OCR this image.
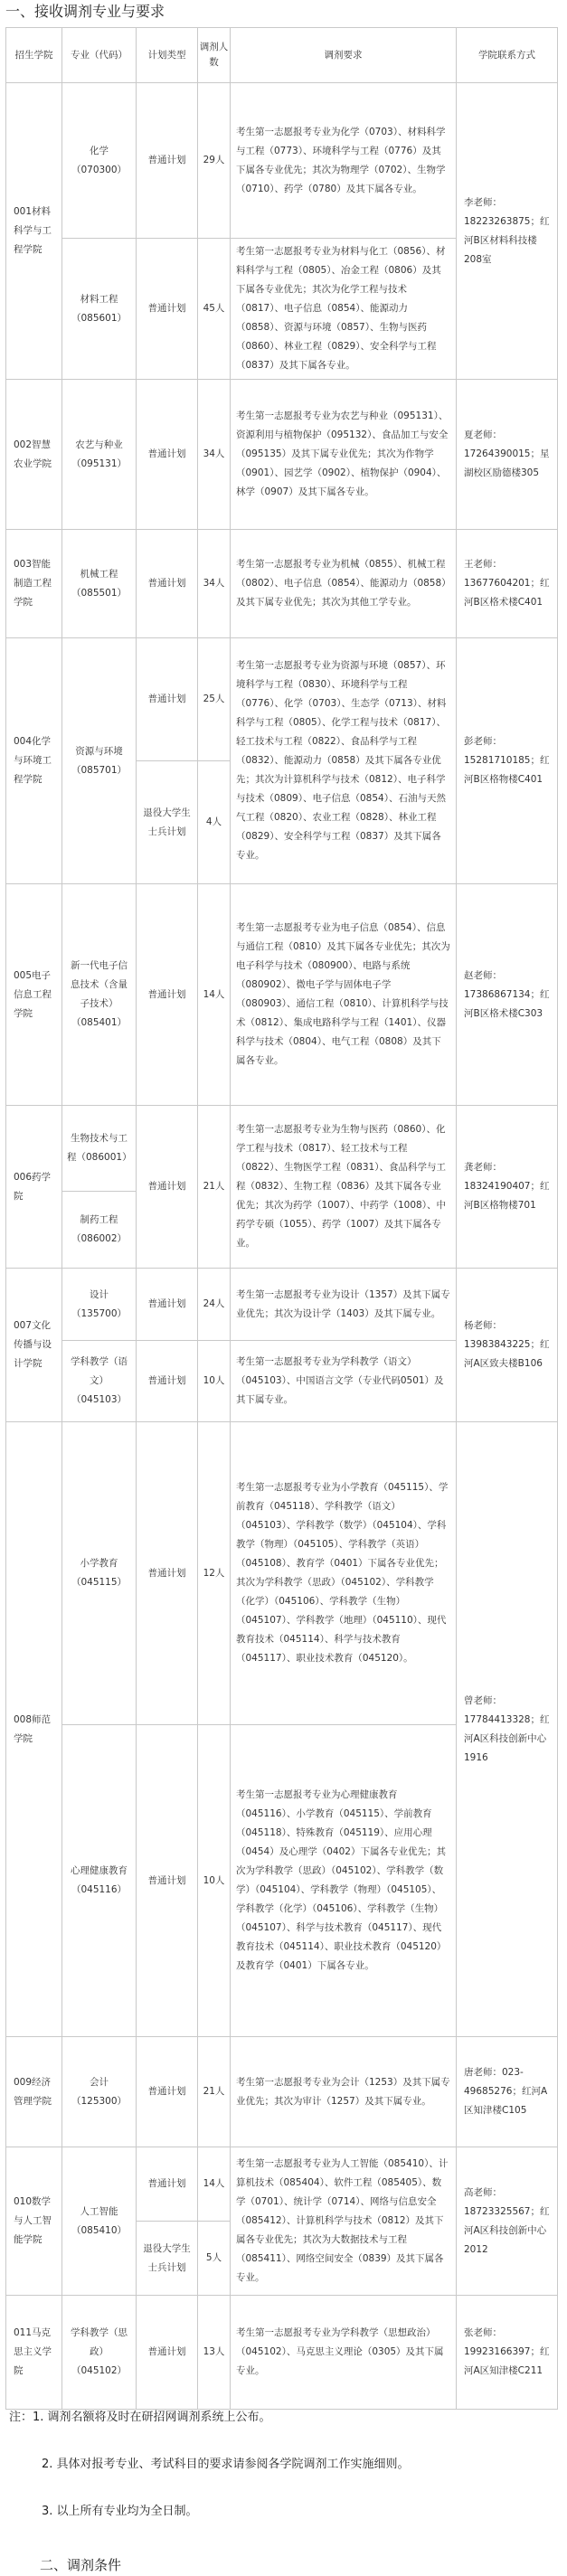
一、接收调剂专业与要求
招生学院	专业（代码）	计划类型	调剂人数	调剂要求	学院联系方式
001材料科学与工程学院	化学（070300）	普通计划	29人	考生第一志愿报考专业为化学（0703）、材料科学与工程（0773）、环境科学与工程（0776）及其下属各专业优先；其次为物理学（0702）、生物学（0710）、药学（0780）及其下属各专业。	李老师：18223263875；红河B区材料科技楼208室
	材料工程（085601）	普通计划	45人	考生第一志愿报考专业为材料与化工（0856）、材料科学与工程（0805）、冶金工程（0806）及其下属各专业优先；其次为化学工程与技术（0817）、电子信息（0854）、能源动力（0858）、资源与环境（0857）、生物与医药（0860）、林业工程（0829）、安全科学与工程（0837）及其下属各专业。	
002智慧农业学院	农艺与种业（095131）	普通计划	34人	考生第一志愿报考专业为农艺与种业（095131）、资源利用与植物保护（095132）、食品加工与安全（095135）及其下属专业优先；其次为作物学（0901）、园艺学（0902）、植物保护（0904）、林学（0907）及其下属各专业。	夏老师：17264390015；星湖校区励德楼305
003智能制造工程学院	机械工程（085501）	普通计划	34人	考生第一志愿报考专业为机械（0855）、机械工程（0802）、电子信息（0854）、能源动力（0858）及其下属专业优先；其次为其他工学专业。	王老师：13677604201；红河B区格术楼C401
004化学与环境工程学院	资源与环境（085701）	普通计划	25人	考生第一志愿报考专业为资源与环境（0857）、环境科学与工程（0830）、环境科学与工程（0776）、化学（0703）、生态学（0713）、材料科学与工程（0805）、化学工程与技术（0817）、轻工技术与工程（0822）、食品科学与工程（0832）、能源动力（0858）及其下属各专业优先；其次为计算机科学与技术（0812）、电子科学与技术（0809）、电子信息（0854）、石油与天然气工程（0820）、农业工程（0828）、林业工程（0829）、安全科学与工程（0837）及其下属各专业。	彭老师：15281710185；红河B区格物楼C401
		退役大学生士兵计划	4人		
005电子信息工程学院	新一代电子信息技术（含量子技术）（085401）	普通计划	14人	考生第一志愿报考专业为电子信息（0854）、信息与通信工程（0810）及其下属各专业优先；其次为电子科学与技术（080900）、电路与系统（080902）、微电子学与固体电子学（080903）、通信工程（0810）、计算机科学与技术（0812）、集成电路科学与工程（1401）、仪器科学与技术（0804）、电气工程（0808）及其下属各专业。	赵老师：17386867134；红河B区格术楼C303
006药学院	生物技术与工程（086001）	普通计划	21人	考生第一志愿报考专业为生物与医药（0860）、化学工程与技术（0817）、轻工技术与工程（0822）、生物医学工程（0831）、食品科学与工程（0832）、生物工程（0836）及其下属各专业优先；其次为药学（1007）、中药学（1008）、中药学专硕（1055）、药学（1007）及其下属各专业。	龚老师：18324190407；红河B区格物楼701
	制药工程（086002）				
007文化传播与设计学院	设计（135700）	普通计划	24人	考生第一志愿报考专业为设计（1357）及其下属专业优先；其次为设计学（1403）及其下属专业。	杨老师：13983843225；红河A区致夫楼B106
	学科教学（语文）（045103）	普通计划	10人	考生第一志愿报考专业为学科教学（语文）（045103）、中国语言文学（专业代码0501）及其下属专业。	
008师范学院	小学教育（045115）	普通计划	12人	考生第一志愿报考专业为小学教育（045115）、学前教育（045118）、学科教学（语文）（045103）、学科教学（数学）（045104）、学科教学（物理）（045105）、学科教学（英语）（045108）、教育学（0401）下属各专业优先；其次为学科教学（思政）（045102）、学科教学（化学）（045106）、学科教学（生物）（045107）、学科教学（地理）（045110）、现代教育技术（045114）、科学与技术教育（045117）、职业技术教育（045120）。	曾老师：17784413328；红河A区科技创新中心1916
	心理健康教育（045116）	普通计划	10人	考生第一志愿报考专业为心理健康教育（045116）、小学教育（045115）、学前教育（045118）、特殊教育（045119）、应用心理（0454）及心理学（0402）下属各专业优先；其次为学科教学（思政）（045102）、学科教学（数学）（045104）、学科教学（物理）（045105）、学科教学（化学）（045106）、学科教学（生物）（045107）、科学与技术教育（045117）、现代教育技术（045114）、职业技术教育（045120）及教育学（0401）下属各专业。	
009经济管理学院	会计（125300）	普通计划	21人	考生第一志愿报考专业为会计（1253）及其下属专业优先；其次为审计（1257）及其下属专业。	唐老师：023-49685276；红河A区知津楼C105
010数学与人工智能学院	人工智能（085410）	普通计划	14人	考生第一志愿报考专业为人工智能（085410）、计算机技术（085404）、软件工程（085405）、数学（0701）、统计学（0714）、网络与信息安全（085412）、计算机科学与技术（0812）及其下属各专业优先；其次为大数据技术与工程（085411）、网络空间安全（0839）及其下属各专业。	高老师：18723325567；红河A区科技创新中心2012
		退役大学生士兵计划	5人		
011马克思主义学院	学科教学（思政）（045102）	普通计划	13人	考生第一志愿报考专业为学科教学（思想政治）（045102）、马克思主义理论（0305）及其下属专业。	张老师：19923166397；红河A区知津楼C211
注：1. 调剂名额将及时在研招网调剂系统上公布。
2. 具体对报考专业、考试科目的要求请参阅各学院调剂工作实施细则。
3. 以上所有专业均为全日制。
二、调剂条件
